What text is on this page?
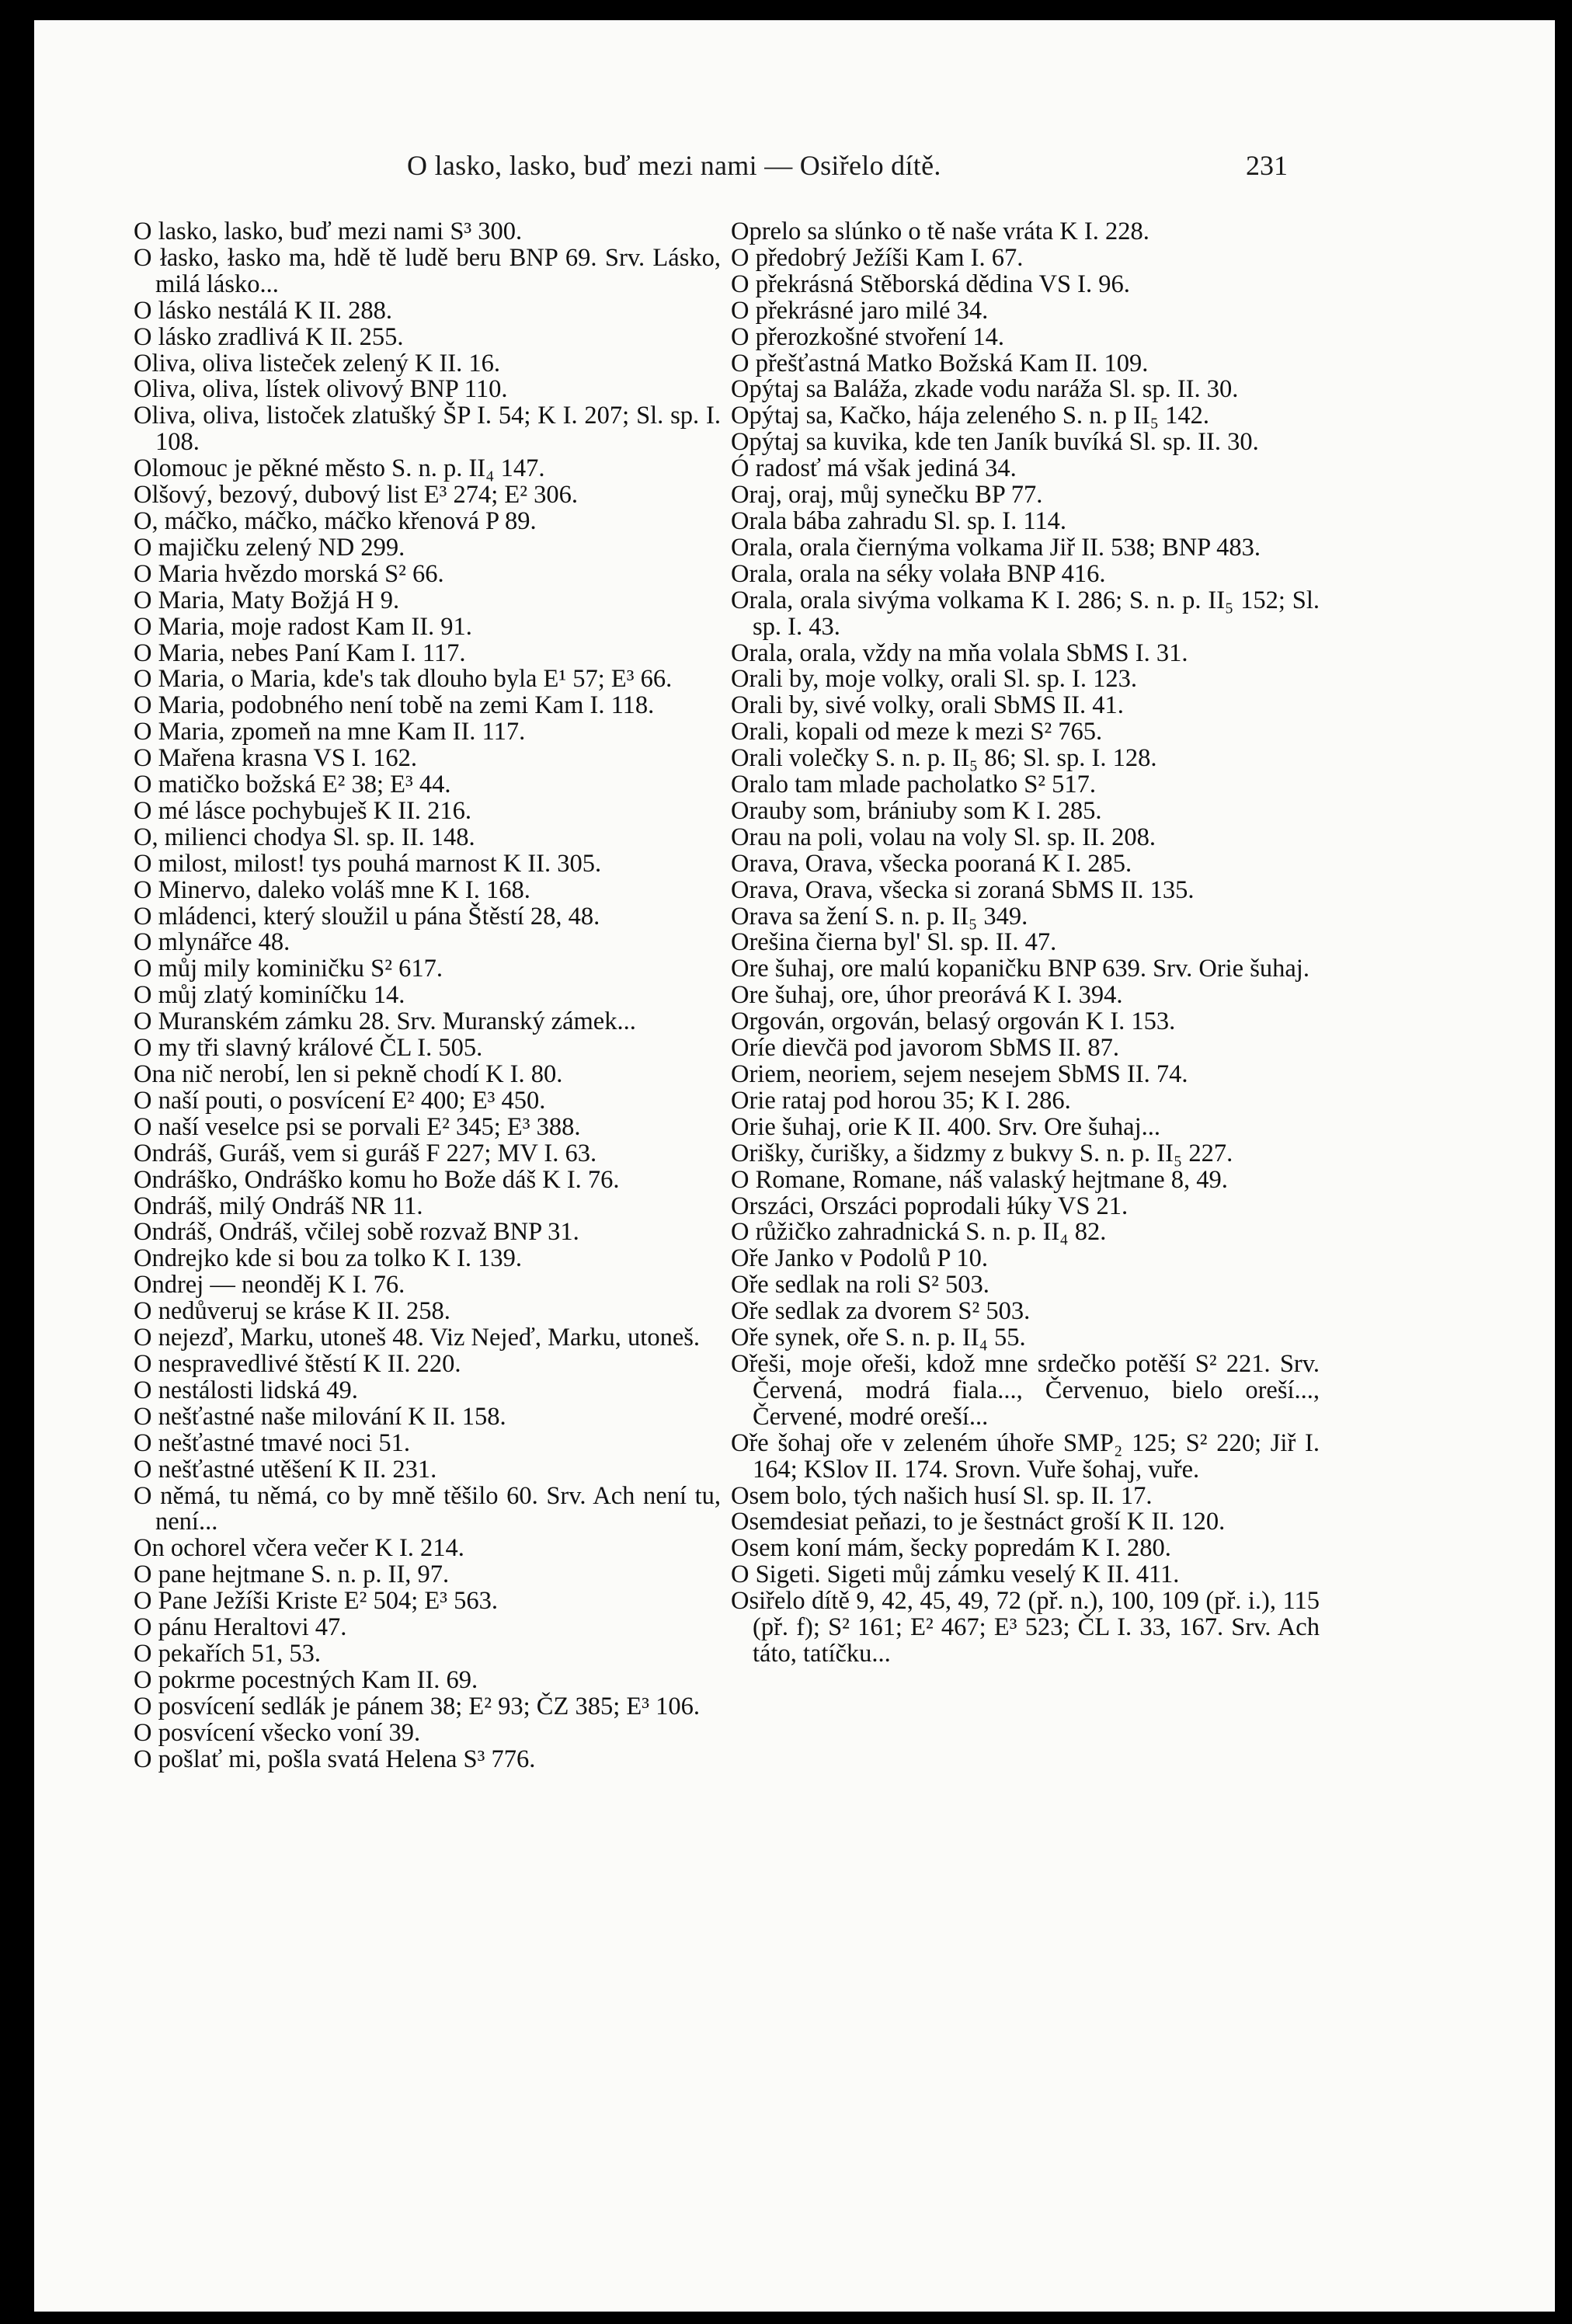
O lasko, lasko, buď mezi nami — Osiřelo dítě.	231
O lasko, lasko, buď mezi nami S³ 300.
O łasko, łasko ma, hdě tě ludě beru BNP 69. Srv. Lásko, milá lásko...
O lásko nestálá K II. 288.
O lásko zradlivá K II. 255.
Oliva, oliva listeček zelený K II. 16.
Oliva, oliva, lístek olivový BNP 110.
Oliva, oliva, listoček zlatušký ŠP I. 54; K I. 207; Sl. sp. I. 108.
Olomouc je pěkné město S. n. p. II₄ 147.
Olšový, bezový, dubový list E³ 274; E² 306.
O, máčko, máčko, máčko křenová P 89.
O majičku zelený ND 299.
O Maria hvězdo morská S² 66.
O Maria, Maty Božjá H 9.
O Maria, moje radost Kam II. 91.
O Maria, nebes Paní Kam I. 117.
O Maria, o Maria, kde's tak dlouho byla E¹ 57; E³ 66.
O Maria, podobného není tobě na zemi Kam I. 118.
O Maria, zpomeň na mne Kam II. 117.
O Mařena krasna VS I. 162.
O matičko božská E² 38; E³ 44.
O mé lásce pochybuješ K II. 216.
O, milienci chodya Sl. sp. II. 148.
O milost, milost! tys pouhá marnost K II. 305.
O Minervo, daleko voláš mne K I. 168.
O mládenci, který sloužil u pána Štěstí 28, 48.
O mlynářce 48.
O můj mily kominičku S² 617.
O můj zlatý kominíčku 14.
O Muranském zámku 28. Srv. Muranský zámek...
O my tři slavný králové ČL I. 505.
Ona nič nerobí, len si pekně chodí K I. 80.
O naší pouti, o posvícení E² 400; E³ 450.
O naší veselce psi se porvali E² 345; E³ 388.
Ondráš, Guráš, vem si guráš F 227; MV I. 63.
Ondráško, Ondráško komu ho Bože dáš K I. 76.
Ondráš, milý Ondráš NR 11.
Ondráš, Ondráš, včilej sobě rozvaž BNP 31.
Ondrejko kde si bou za tolko K I. 139.
Ondrej — neonděj K I. 76.
O nedůveruj se kráse K II. 258.
O nejezď, Marku, utoneš 48. Viz Nejeď, Marku, utoneš.
O nespravedlivé štěstí K II. 220.
O nestálosti lidská 49.
O nešťastné naše milování K II. 158.
O nešťastné tmavé noci 51.
O nešťastné utěšení K II. 231.
O němá, tu němá, co by mně těšilo 60. Srv. Ach není tu, není...
On ochorel včera večer K I. 214.
O pane hejtmane S. n. p. II, 97.
O Pane Ježíši Kriste E² 504; E³ 563.
O pánu Heraltovi 47.
O pekařích 51, 53.
O pokrme pocestných Kam II. 69.
O posvícení sedlák je pánem 38; E² 93; ČZ 385; E³ 106.
O posvícení všecko voní 39.
O pošlať mi, pošla svatá Helena S³ 776.
Oprelo sa slúnko o tě naše vráta K I. 228.
O předobrý Ježíši Kam I. 67.
O překrásná Stěborská dědina VS I. 96.
O překrásné jaro milé 34.
O přerozkošné stvoření 14.
O přešťastná Matko Božská Kam II. 109.
Opýtaj sa Baláža, zkade vodu naráža Sl. sp. II. 30.
Opýtaj sa, Kačko, hája zeleného S. n. p II₅ 142.
Opýtaj sa kuvika, kde ten Janík buvíká Sl. sp. II. 30.
Ó radosť má však jediná 34.
Oraj, oraj, můj synečku BP 77.
Orala bába zahradu Sl. sp. I. 114.
Orala, orala čiernýma volkama Jiř II. 538; BNP 483.
Orala, orala na séky volała BNP 416.
Orala, orala sivýma volkama K I. 286; S. n. p. II₅ 152; Sl. sp. I. 43.
Orala, orala, vždy na mňa volala SbMS I. 31.
Orali by, moje volky, orali Sl. sp. I. 123.
Orali by, sivé volky, orali SbMS II. 41.
Orali, kopali od meze k mezi S² 765.
Orali volečky S. n. p. II₅ 86; Sl. sp. I. 128.
Oralo tam mlade pacholatko S² 517.
Orauby som, brániuby som K I. 285.
Orau na poli, volau na voly Sl. sp. II. 208.
Orava, Orava, všecka pooraná K I. 285.
Orava, Orava, všecka si zoraná SbMS II. 135.
Orava sa žení S. n. p. II₅ 349.
Orešina čierna byl' Sl. sp. II. 47.
Ore šuhaj, ore malú kopaničku BNP 639. Srv. Orie šuhaj.
Ore šuhaj, ore, úhor preorává K I. 394.
Orgován, orgován, belasý orgován K I. 153.
Oríe dievčä pod javorom SbMS II. 87.
Oriem, neoriem, sejem nesejem SbMS II. 74.
Orie rataj pod horou 35; K I. 286.
Orie šuhaj, orie K II. 400. Srv. Ore šuhaj...
Orišky, čurišky, a šidzmy z bukvy S. n. p. II₅ 227.
O Romane, Romane, náš valaský hejtmane 8, 49.
Orszáci, Orszáci poprodali łúky VS 21.
O růžičko zahradnická S. n. p. II₄ 82.
Oře Janko v Podolů P 10.
Oře sedlak na roli S² 503.
Oře sedlak za dvorem S² 503.
Oře synek, oře S. n. p. II₄ 55.
Ořeši, moje ořeši, kdož mne srdečko potěší S² 221. Srv. Červená, modrá fiala..., Červenuo, bielo oreší..., Červené, modré oreší...
Oře šohaj oře v zeleném úhoře SMP₂ 125; S² 220; Jiř I. 164; KSlov II. 174. Srovn. Vuře šohaj, vuře.
Osem bolo, tých našich husí Sl. sp. II. 17.
Osemdesiat peňazi, to je šestnáct groší K II. 120.
Osem koní mám, šecky popredám K I. 280.
O Sigeti. Sigeti můj zámku veselý K II. 411.
Osiřelo dítě 9, 42, 45, 49, 72 (př. n.), 100, 109 (př. i.), 115 (př. f); S² 161; E² 467; E³ 523; ČL I. 33, 167. Srv. Ach táto, tatíčku...
